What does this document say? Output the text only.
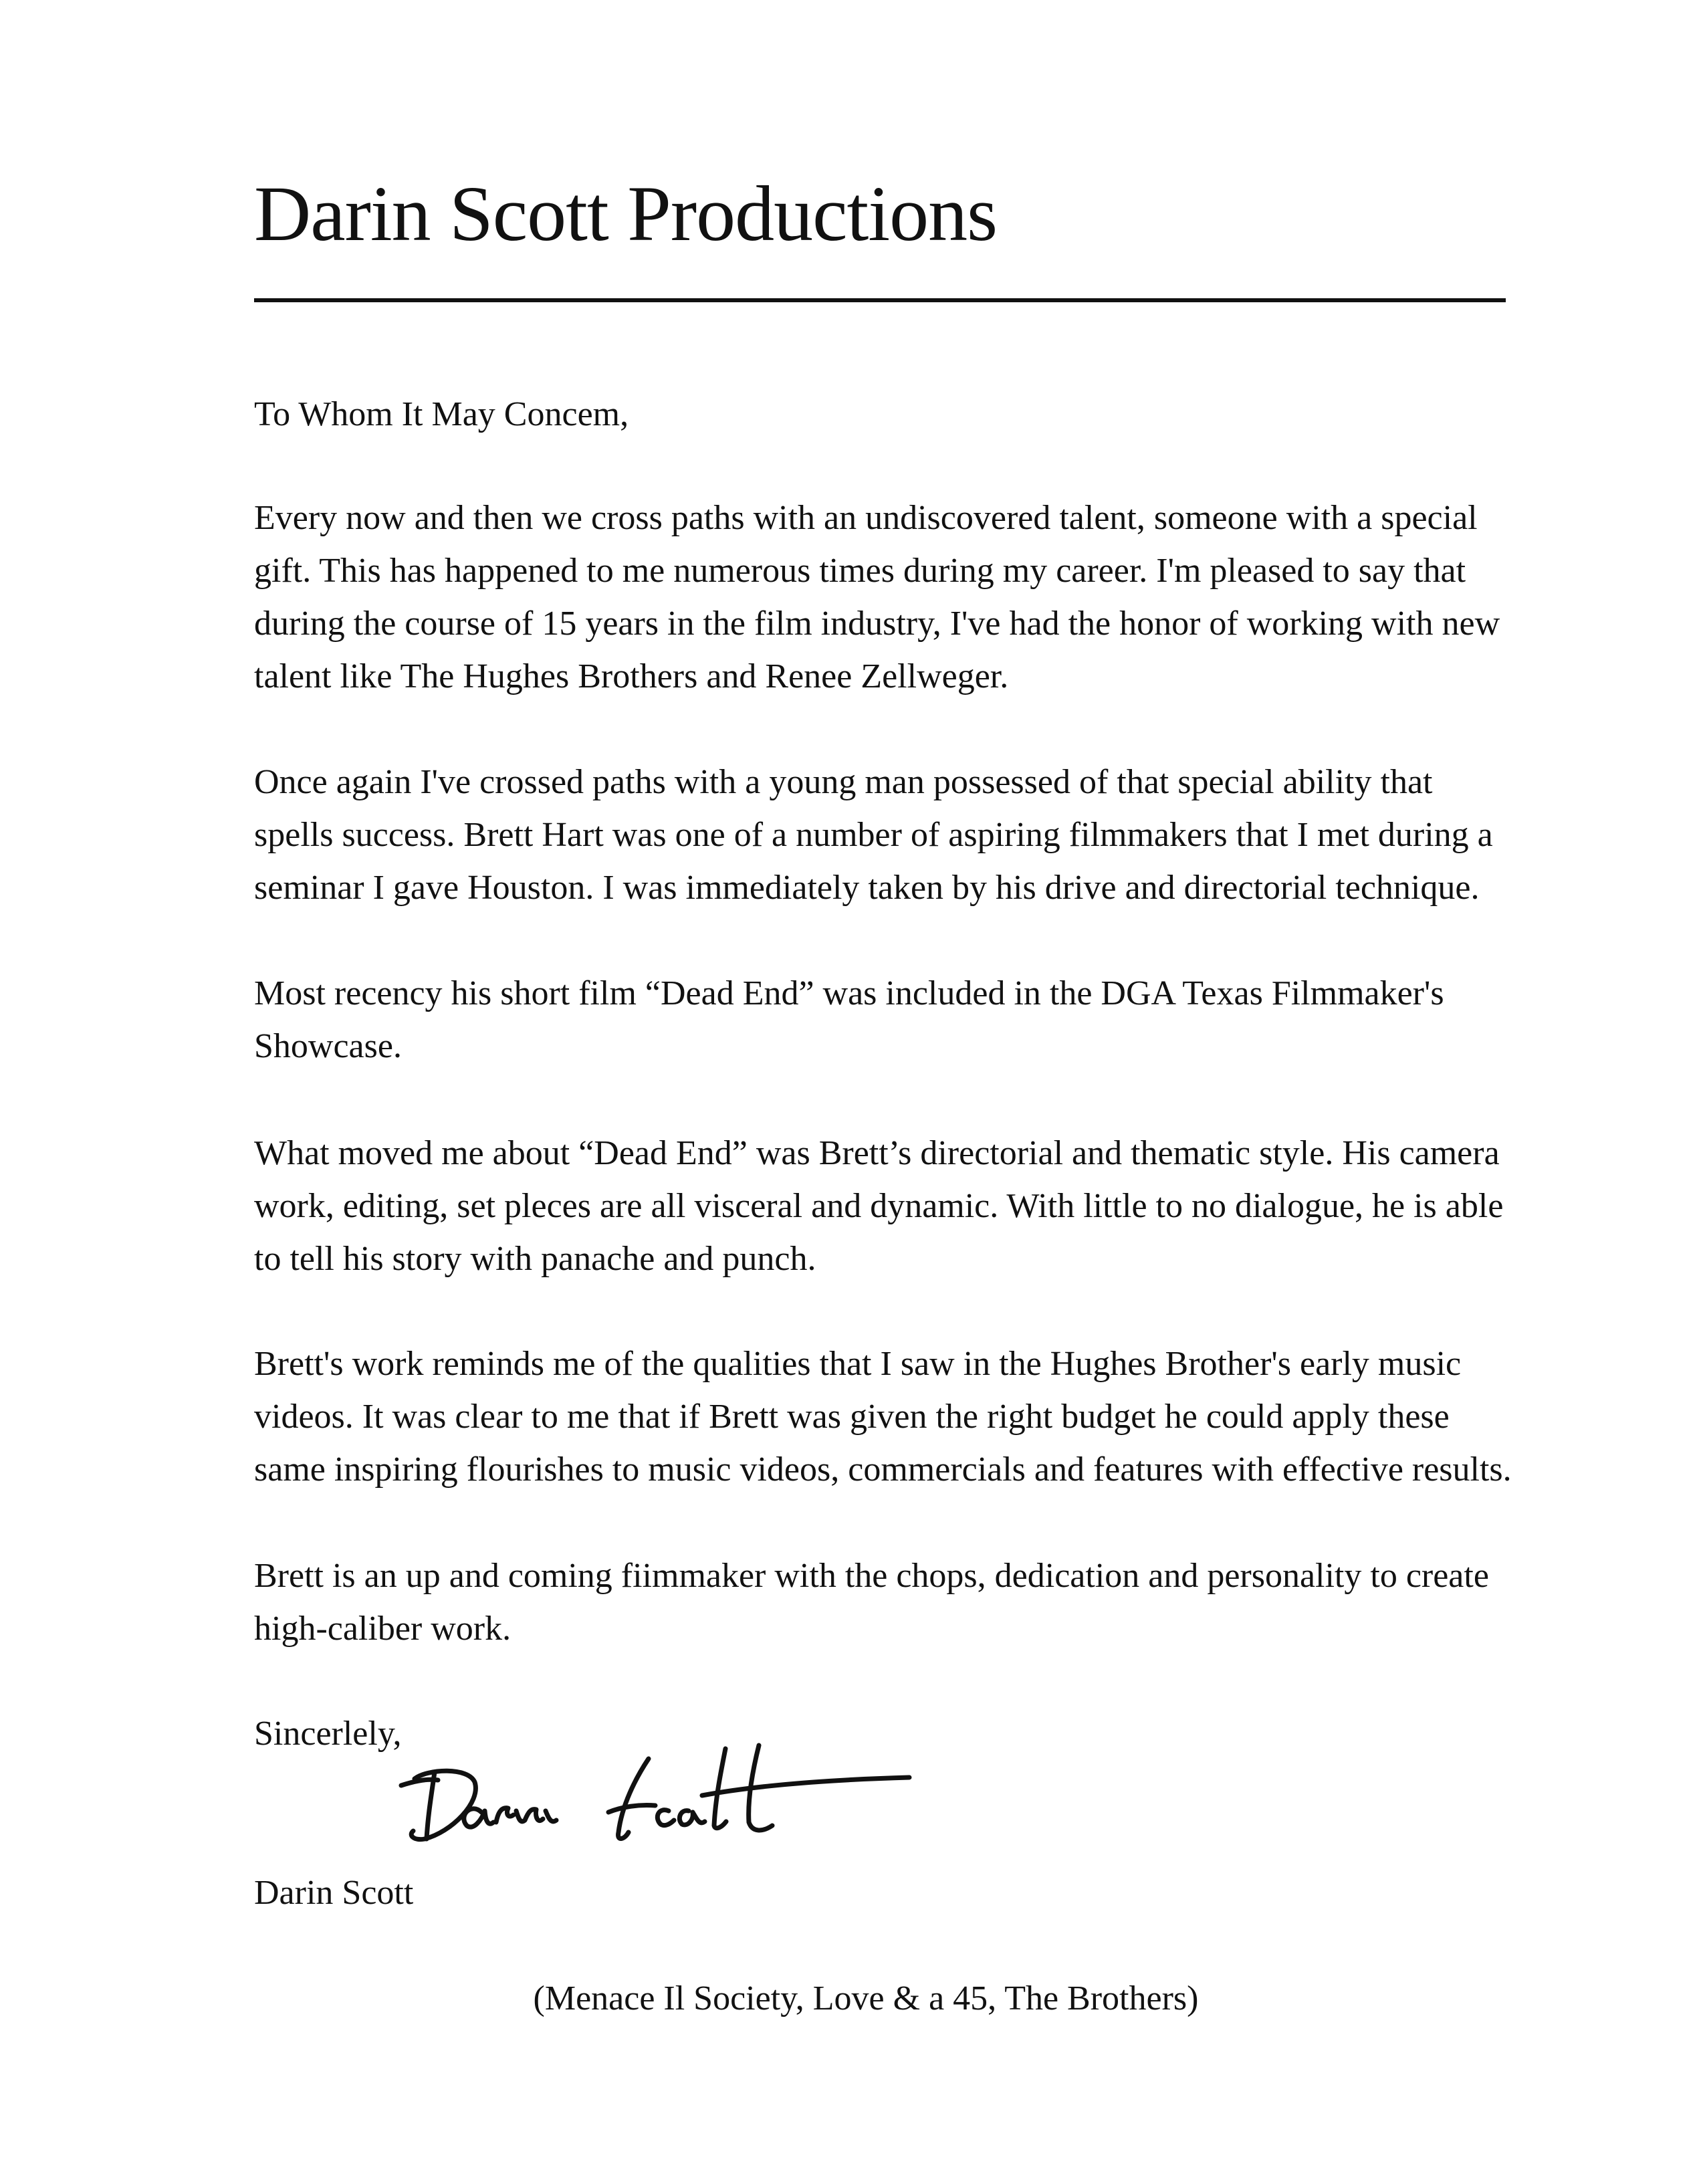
Darin Scott Productions

To Whom It May Concem,

Every now and then we cross paths with an undiscovered talent, someone with a special gift. This has happened to me numerous times during my career. I'm pleased to say that during the course of 15 years in the film industry, I've had the honor of working with new talent like The Hughes Brothers and Renee Zellweger.

Once again I've crossed paths with a young man possessed of that special ability that spells success. Brett Hart was one of a number of aspiring filmmakers that I met during a seminar I gave Houston. I was immediately taken by his drive and directorial technique.

Most recency his short film “Dead End” was included in the DGA Texas Filmmaker's Showcase.

What moved me about “Dead End” was Brett’s directorial and thematic style. His camera work, editing, set pleces are all visceral and dynamic. With little to no dialogue, he is able to tell his story with panache and punch.

Brett's work reminds me of the qualities that I saw in the Hughes Brother's early music videos. It was clear to me that if Brett was given the right budget he could apply these same inspiring flourishes to music videos, commercials and features with effective results.

Brett is an up and coming fiimmaker with the chops, dedication and personality to create high-caliber work.

Sincerlely,

Darin Scott

(Menace Il Society, Love & a 45, The Brothers)
